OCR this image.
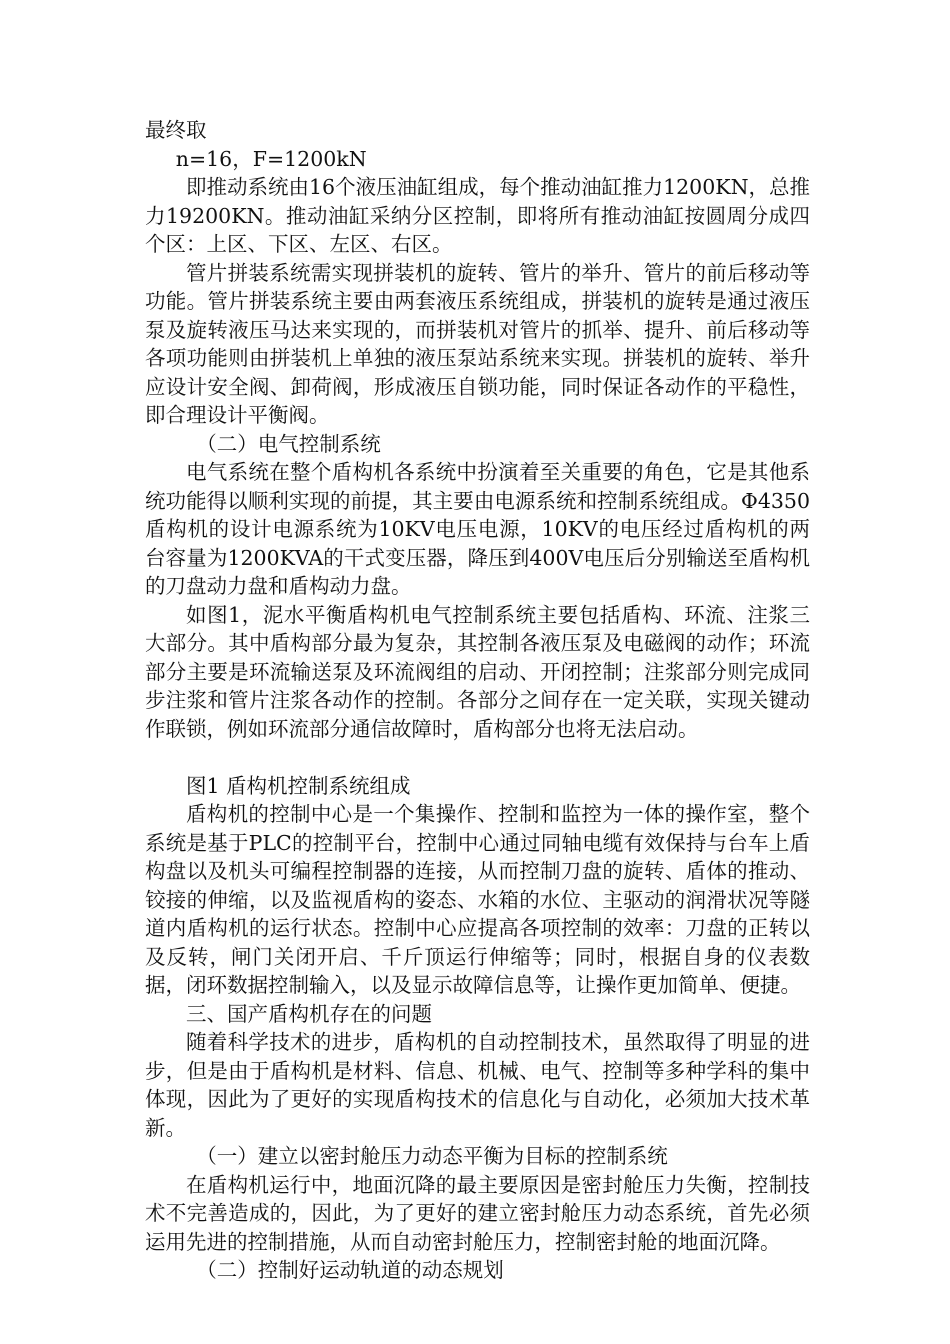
最终取

n=16，F=1200kN

即推动系统由16个液压油缸组成，每个推动油缸推力1200KN，总推力19200KN。推动油缸采纳分区控制，即将所有推动油缸按圆周分成四个区：上区、下区、左区、右区。

管片拼装系统需实现拼装机的旋转、管片的举升、管片的前后移动等功能。管片拼装系统主要由两套液压系统组成，拼装机的旋转是通过液压泵及旋转液压马达来实现的，而拼装机对管片的抓举、提升、前后移动等各项功能则由拼装机上单独的液压泵站系统来实现。拼装机的旋转、举升应设计安全阀、卸荷阀，形成液压自锁功能，同时保证各动作的平稳性，即合理设计平衡阀。

（二）电气控制系统

电气系统在整个盾构机各系统中扮演着至关重要的角色，它是其他系统功能得以顺利实现的前提，其主要由电源系统和控制系统组成。Φ4350盾构机的设计电源系统为10KV电压电源，10KV的电压经过盾构机的两台容量为1200KVA的干式变压器，降压到400V电压后分别输送至盾构机的刀盘动力盘和盾构动力盘。

如图1，泥水平衡盾构机电气控制系统主要包括盾构、环流、注浆三大部分。其中盾构部分最为复杂，其控制各液压泵及电磁阀的动作；环流部分主要是环流输送泵及环流阀组的启动、开闭控制；注浆部分则完成同步注浆和管片注浆各动作的控制。各部分之间存在一定关联，实现关键动作联锁，例如环流部分通信故障时，盾构部分也将无法启动。

图1 盾构机控制系统组成

盾构机的控制中心是一个集操作、控制和监控为一体的操作室，整个系统是基于PLC的控制平台，控制中心通过同轴电缆有效保持与台车上盾构盘以及机头可编程控制器的连接，从而控制刀盘的旋转、盾体的推动、铰接的伸缩，以及监视盾构的姿态、水箱的水位、主驱动的润滑状况等隧道内盾构机的运行状态。控制中心应提高各项控制的效率：刀盘的正转以及反转，闸门关闭开启、千斤顶运行伸缩等；同时，根据自身的仪表数据，闭环数据控制输入，以及显示故障信息等，让操作更加简单、便捷。

三、国产盾构机存在的问题

随着科学技术的进步，盾构机的自动控制技术，虽然取得了明显的进步，但是由于盾构机是材料、信息、机械、电气、控制等多种学科的集中体现，因此为了更好的实现盾构技术的信息化与自动化，必须加大技术革新。

（一）建立以密封舱压力动态平衡为目标的控制系统

在盾构机运行中，地面沉降的最主要原因是密封舱压力失衡，控制技术不完善造成的，因此，为了更好的建立密封舱压力动态系统，首先必须运用先进的控制措施，从而自动密封舱压力，控制密封舱的地面沉降。

（二）控制好运动轨道的动态规划
